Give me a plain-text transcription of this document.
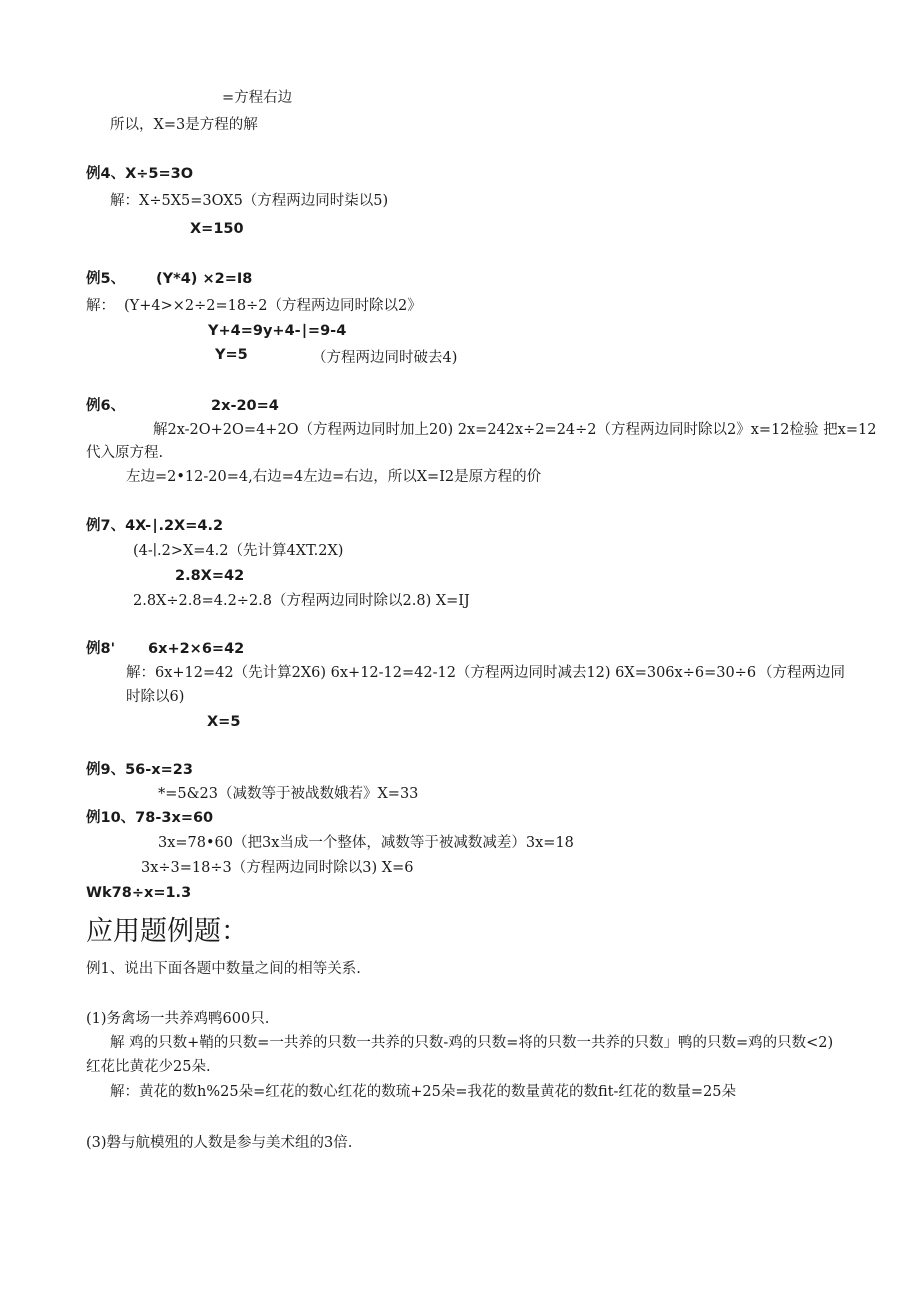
=方程右边
所以，X=3是方程的解
例4、X÷5=3O
解：X÷5X5=3OX5（方程两边同时柒以5)
X=150
例5、 (Y*4) ×2=I8
解： (Y+4>×2÷2=18÷2（方程两边同时除以2》
Y+4=9y+4-∣=9-4
Y=5	（方程两边同时破去4)
例6、	2x-20=4
解2x-2O+2O=4+2O（方程两边同时加上20) 2x=242x÷2=24÷2（方程两边同时除以2》x=12检验 把x=12
代入原方程.
左边=2•12-20=4,右边=4左边=右边，所以X=I2是原方程的价
例7、4X-∣.2X=4.2
(4-∣.2>X=4.2（先计算4XT.2X)
2.8X=42
2.8X÷2.8=4.2÷2.8（方程两边同时除以2.8) X=IJ
例8' 6x+2×6=42
解：6x+12=42（先计算2X6) 6x+12-12=42-12（方程两边同时减去12) 6X=306x÷6=30÷6 （方程两边同
时除以6)
X=5
例9、56-x=23
*=5&23（减数等于被战数娥若》X=33
例10、78-3x=60
3x=78•60（把3x当成一个整体，减数等于被减数减差）3x=18
3x÷3=18÷3（方程两边同时除以3) X=6
Wk78÷x=1.3
应用题例题：
例1、说出下面各题中数量之间的相等关系.
(1)务禽场一共养鸡鸭600只.
解 鸡的只数+鞘的只数=一共养的只数一共养的只数-鸡的只数=将的只数一共养的只数」鸭的只数=鸡的只数<2)
红花比黄花少25朵.
解：黄花的数h%25朵=红花的数心红花的数琉+25朵=我花的数量黄花的数fit-红花的数量=25朵
(3)磐与航模殂的人数是参与美术组的3倍.
